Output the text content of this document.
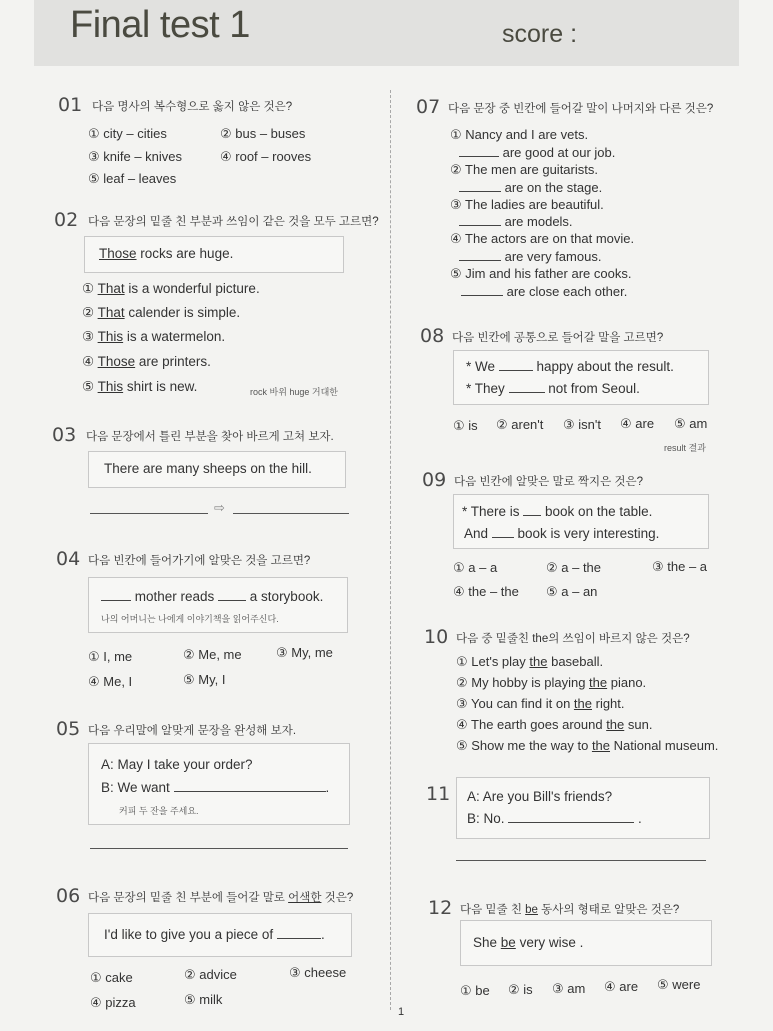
Final test 1	score :
01 다음 명사의 복수형으로 옳지 않은 것은?
① city – cities	② bus – buses
③ knife – knives	④ roof – rooves
⑤ leaf – leaves
02 다음 문장의 밑줄 친 부분과 쓰임이 같은 것을 모두 고르면?
Those rocks are huge.
① That is a wonderful picture.
② That calender is simple.
③ This is a watermelon.
④ Those are printers.
⑤ This shirt is new.	rock 바위 huge 거대한
03 다음 문장에서 틀린 부분을 찾아 바르게 고쳐 보자.
There are many sheeps on the hill.
⇨
04 다음 빈칸에 들어가기에 알맞은 것을 고르면?
mother reads  a storybook.
나의 어머니는 나에게 이야기책을 읽어주신다.
① I, me	② Me, me	③ My, me
④ Me, I	⑤ My, I
05 다음 우리말에 알맞게 문장을 완성해 보자.
A: May I take your order?
B: We want	.
커피 두 잔을 주세요.
06 다음 문장의 밑줄 친 부분에 들어갈 말로 어색한 것은?
I'd like to give you a piece of	.
① cake	② advice	③ cheese
④ pizza	⑤ milk
07 다음 문장 중 빈칸에 들어갈 말이 나머지와 다른 것은?
① Nancy and I are vets.
are good at our job.
② The men are guitarists.
are on the stage.
③ The ladies are beautiful.
are models.
④ The actors are on that movie.
are very famous.
⑤ Jim and his father are cooks.
are close each other.
08 다음 빈칸에 공통으로 들어갈 말을 고르면?
* We	happy about the result.
* They	not from Seoul.
① is ② aren't ③ isn't ④ are ⑤ am
result 결과
09 다음 빈칸에 알맞은 말로 짝지은 것은?
* There is  book on the table.
And  book is very interesting.
① a – a	② a – the	③ the – a
④ the – the ⑤ a – an
10 다음 중 밑줄친 the의 쓰임이 바르지 않은 것은?
① Let's play the baseball.
② My hobby is playing the piano.
③ You can find it on the right.
④ The earth goes around the sun.
⑤ Show me the way to the National museum.
11 A: Are you Bill's friends?
B: No.	.
12 다음 밑줄 친 be 동사의 형태로 알맞은 것은?
She be very wise .
① be ② is ③ am ④ are ⑤ were
1
